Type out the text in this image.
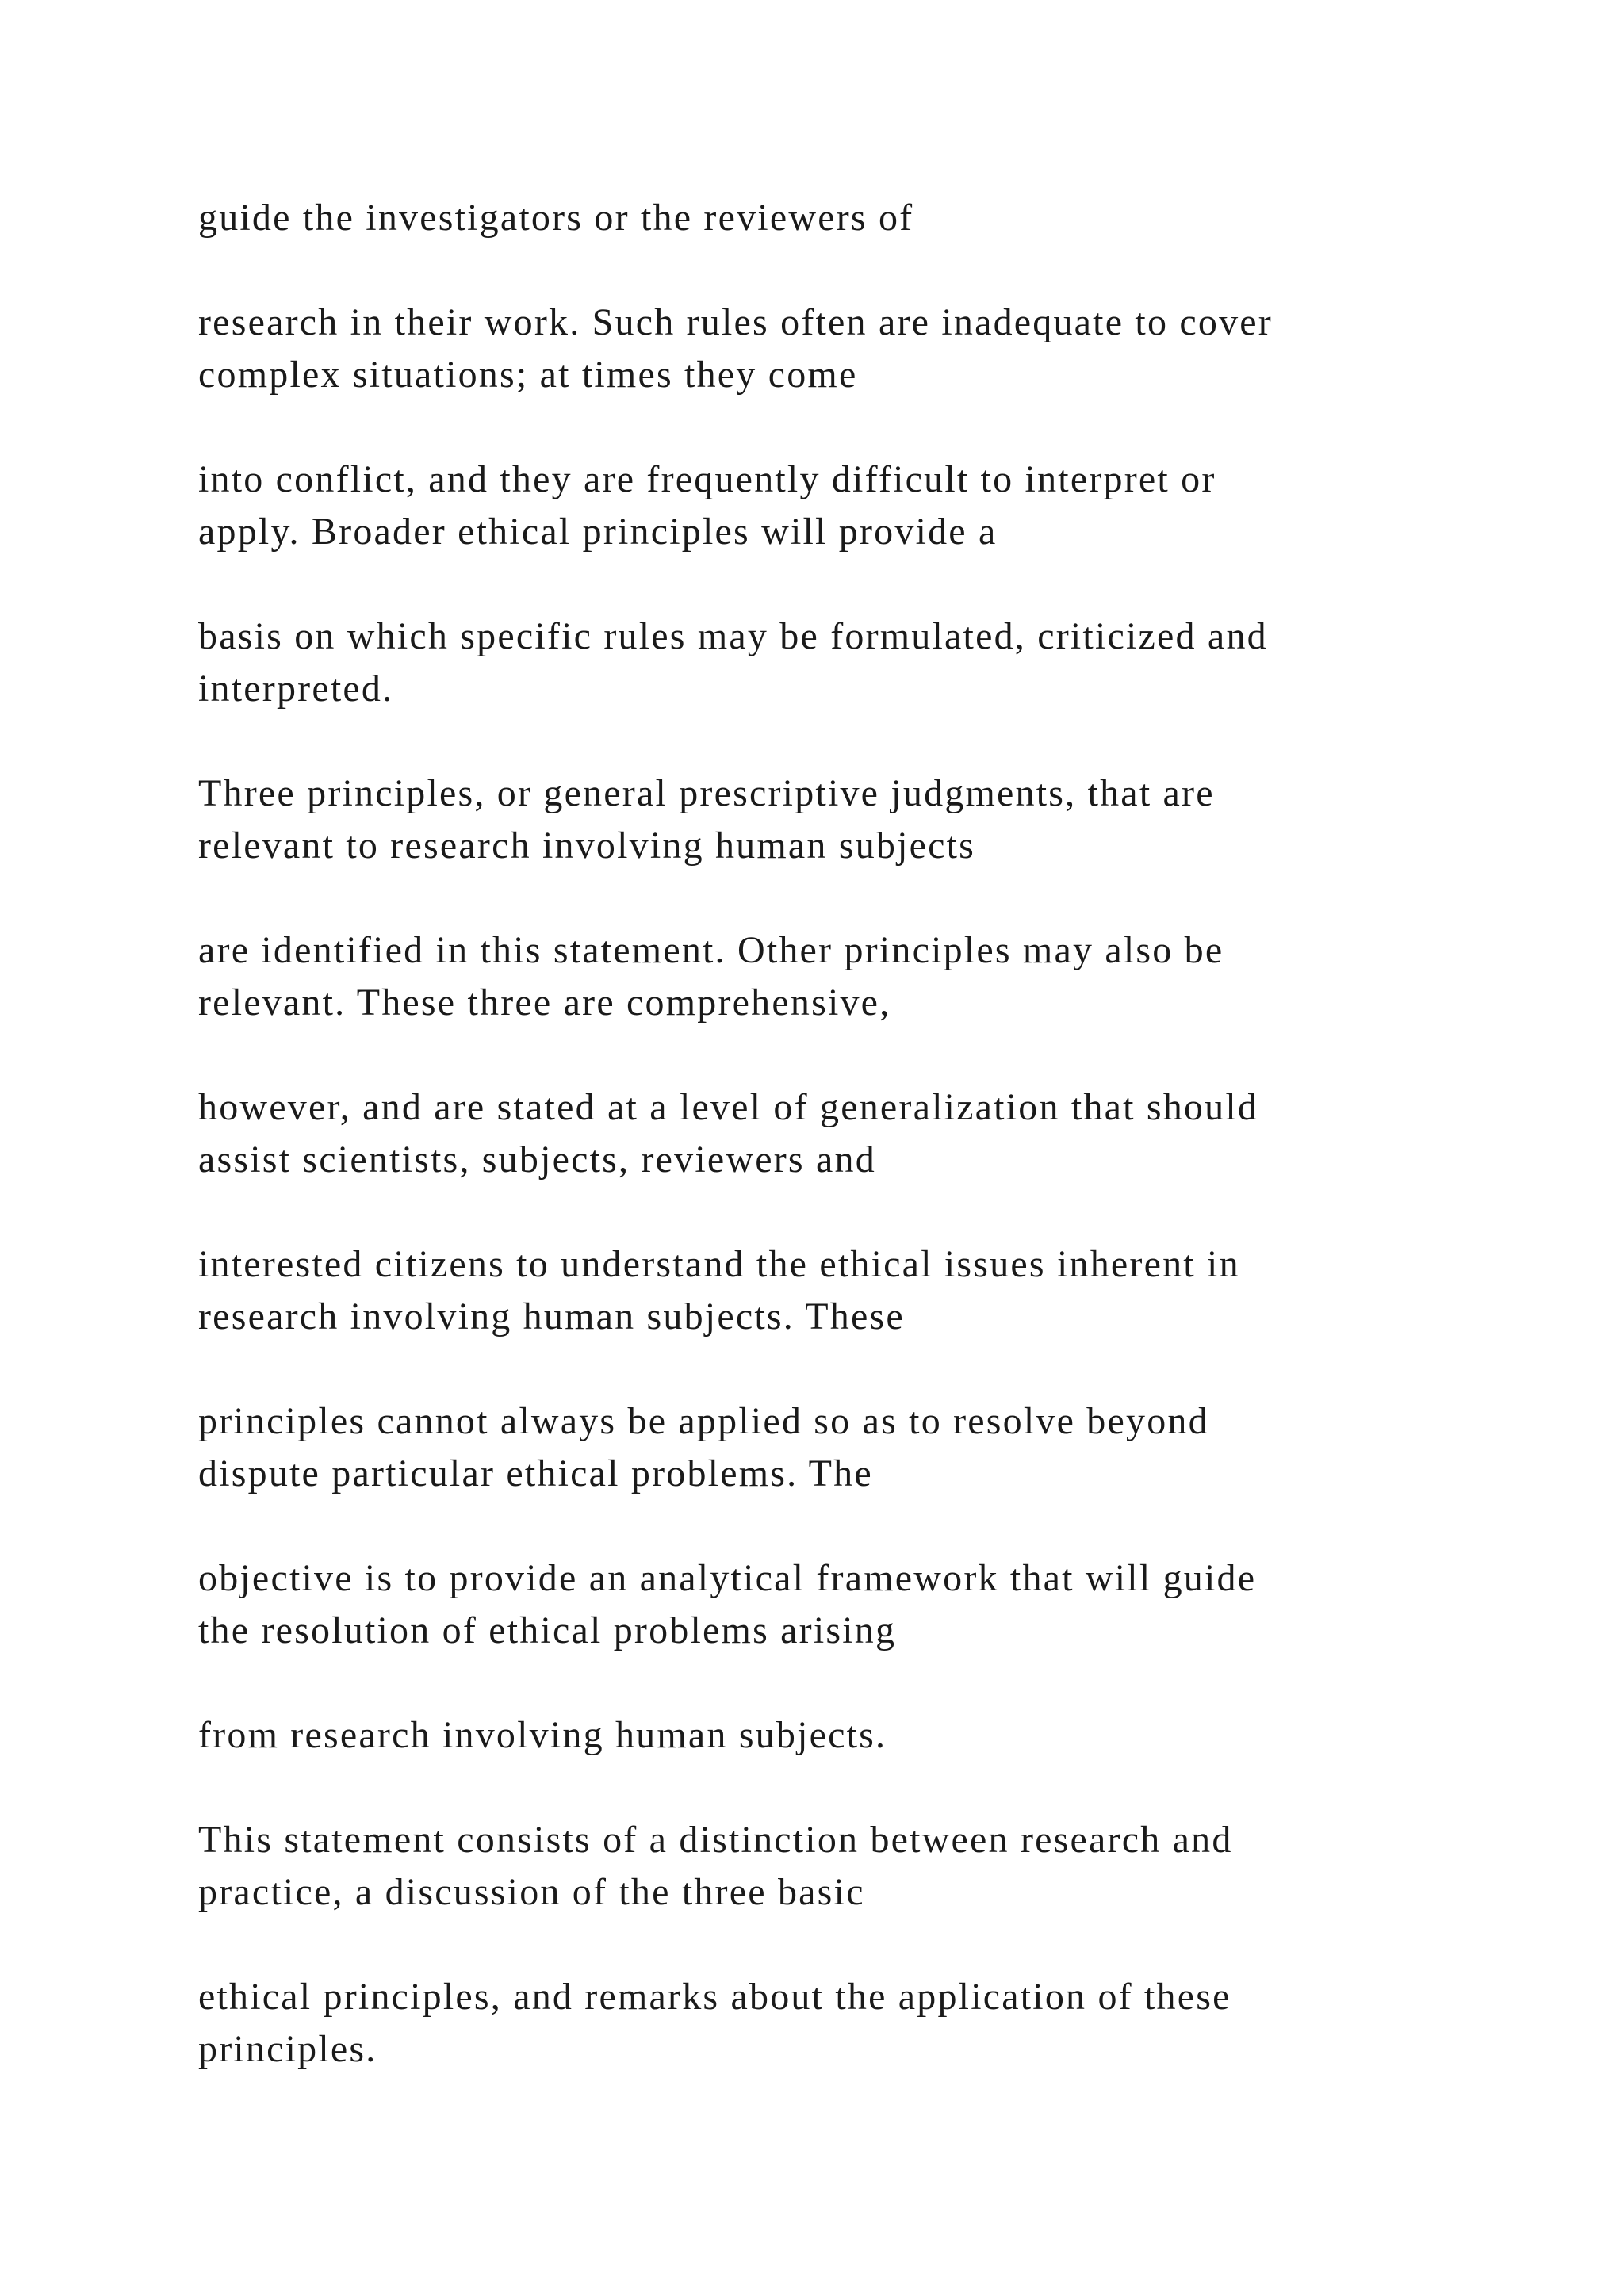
guide the investigators or the reviewers of

research in their work. Such rules often are inadequate to cover
complex situations; at times they come

into conflict, and they are frequently difficult to interpret or
apply. Broader ethical principles will provide a

basis on which specific rules may be formulated, criticized and
interpreted.

Three principles, or general prescriptive judgments, that are
relevant to research involving human subjects

are identified in this statement. Other principles may also be
relevant. These three are comprehensive,

however, and are stated at a level of generalization that should
assist scientists, subjects, reviewers and

interested citizens to understand the ethical issues inherent in
research involving human subjects. These

principles cannot always be applied so as to resolve beyond
dispute particular ethical problems. The

objective is to provide an analytical framework that will guide
the resolution of ethical problems arising

from research involving human subjects.

This statement consists of a distinction between research and
practice, a discussion of the three basic

ethical principles, and remarks about the application of these
principles.
